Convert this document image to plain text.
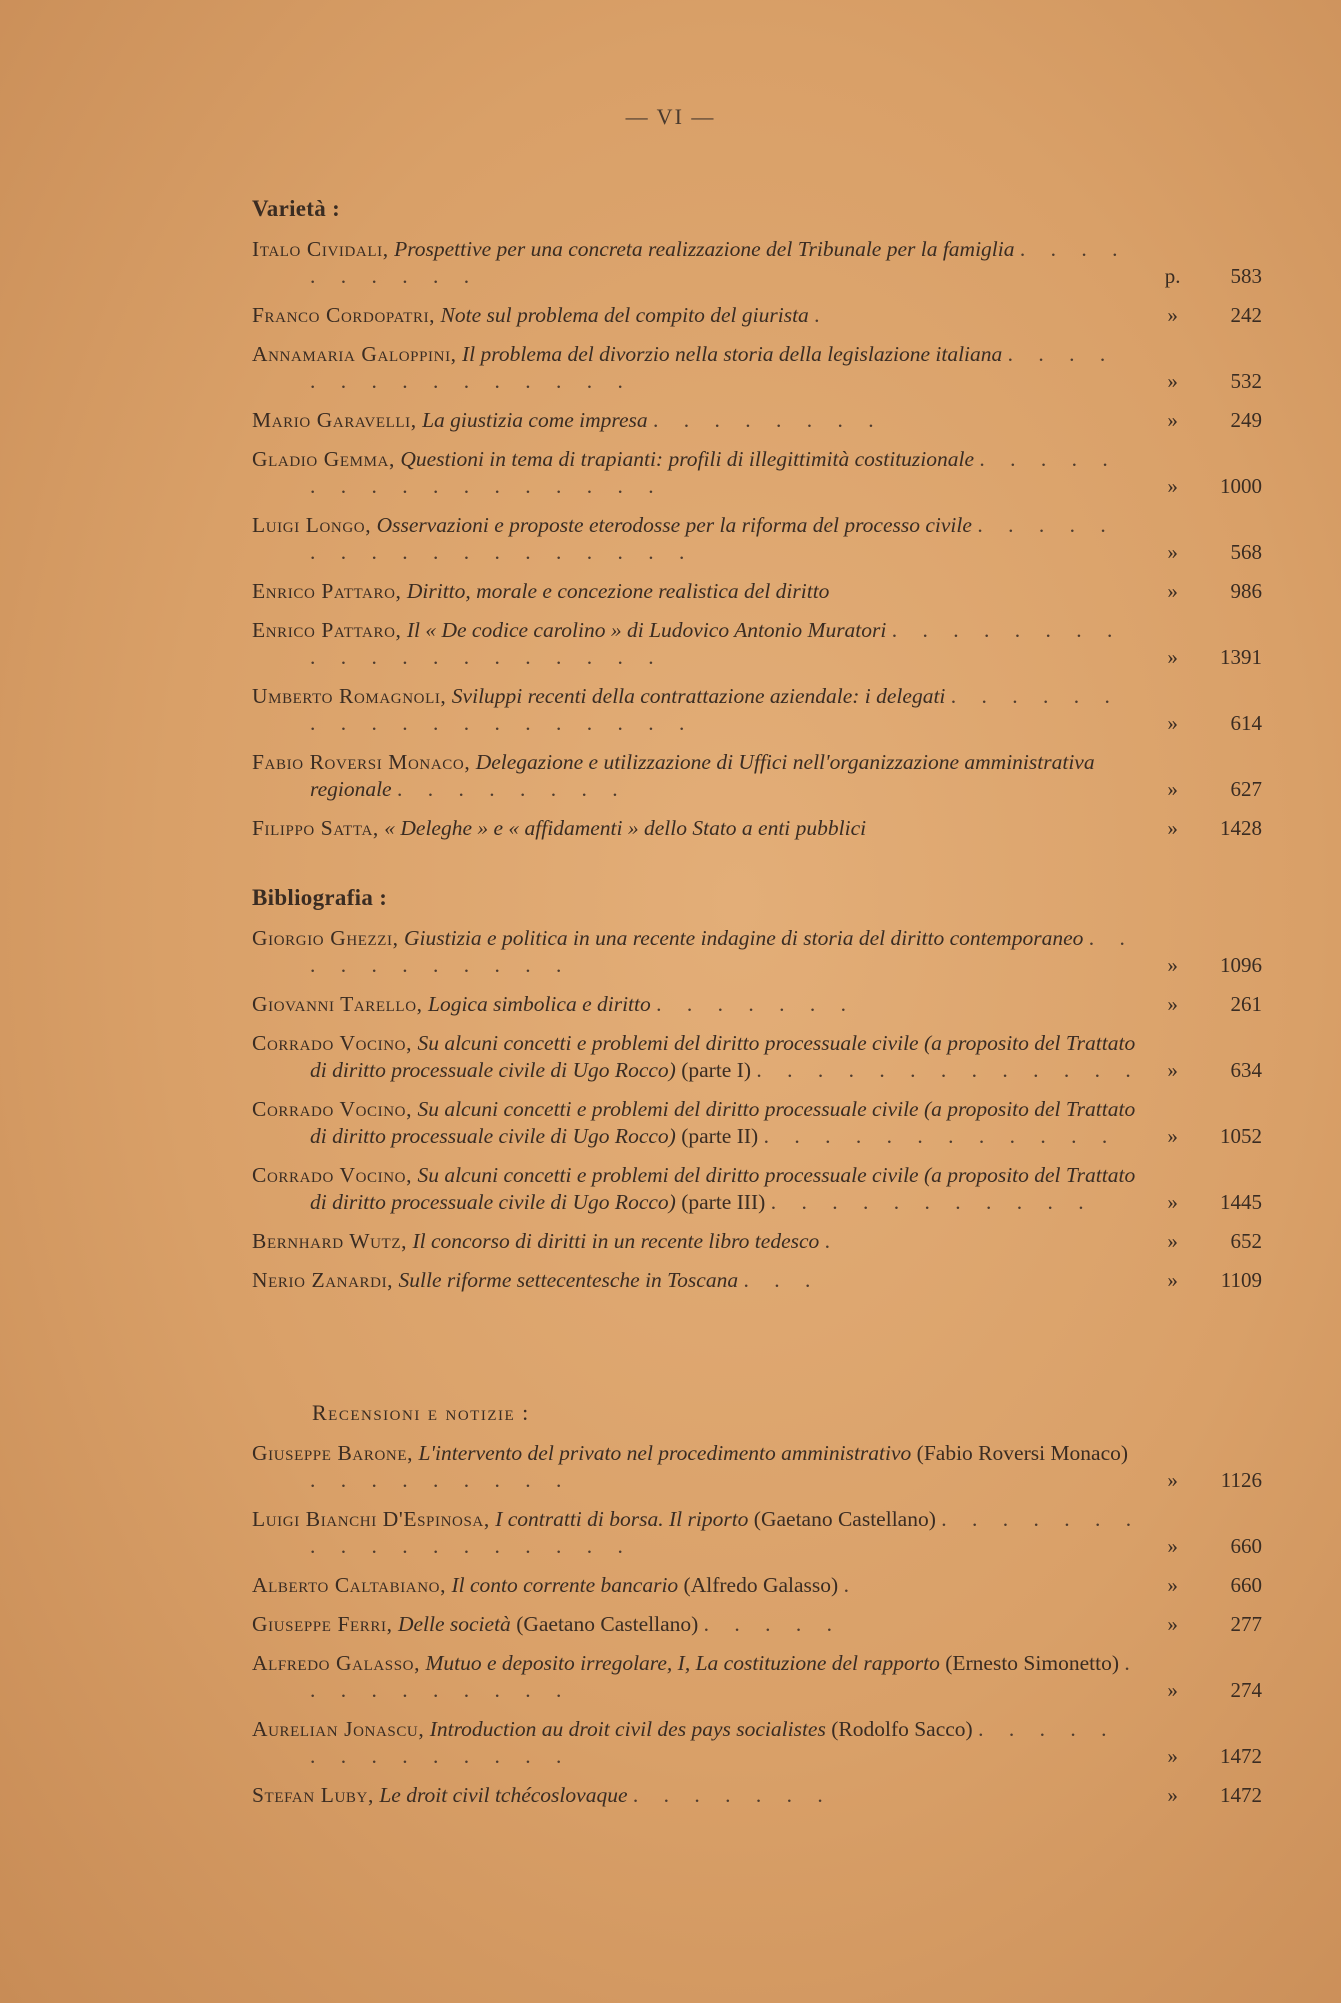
— VI —
Varietà :
Italo Cividali, Prospettive per una concreta realizzazione del Tribunale per la famiglia . . . . . . . . . .	p.	583
Franco Cordopatri, Note sul problema del compito del giurista .	»	242
Annamaria Galoppini, Il problema del divorzio nella storia della legislazione italiana . . . . . . . . . . . . . . .	»	532
Mario Garavelli, La giustizia come impresa . . . . . . . .	»	249
Gladio Gemma, Questioni in tema di trapianti: profili di illegittimità costituzionale . . . . . . . . . . . . . . . . .	»	1000
Luigi Longo, Osservazioni e proposte eterodosse per la riforma del processo civile . . . . . . . . . . . . . . . . . .	»	568
Enrico Pattaro, Diritto, morale e concezione realistica del diritto	»	986
Enrico Pattaro, Il « De codice carolino » di Ludovico Antonio Muratori . . . . . . . . . . . . . . . . . . . .	»	1391
Umberto Romagnoli, Sviluppi recenti della contrattazione aziendale: i delegati . . . . . . . . . . . . . . . . . . .	»	614
Fabio Roversi Monaco, Delegazione e utilizzazione di Uffici nell'organizzazione amministrativa regionale . . . . . . . .	»	627
Filippo Satta, « Deleghe » e « affidamenti » dello Stato a enti pubblici	»	1428
Bibliografia :
Giorgio Ghezzi, Giustizia e politica in una recente indagine di storia del diritto contemporaneo . . . . . . . . . . .	»	1096
Giovanni Tarello, Logica simbolica e diritto . . . . . . .	»	261
Corrado Vocino, Su alcuni concetti e problemi del diritto processuale civile (a proposito del Trattato di diritto processuale civile di Ugo Rocco) (parte I) . . . . . . . . . . . . .	»	634
Corrado Vocino, Su alcuni concetti e problemi del diritto processuale civile (a proposito del Trattato di diritto processuale civile di Ugo Rocco) (parte II) . . . . . . . . . . . .	»	1052
Corrado Vocino, Su alcuni concetti e problemi del diritto processuale civile (a proposito del Trattato di diritto processuale civile di Ugo Rocco) (parte III) . . . . . . . . . . .	»	1445
Bernhard Wutz, Il concorso di diritti in un recente libro tedesco .	»	652
Nerio Zanardi, Sulle riforme settecentesche in Toscana . . .	»	1109
Recensioni e notizie :
Giuseppe Barone, L'intervento del privato nel procedimento amministrativo (Fabio Roversi Monaco) . . . . . . . . .	»	1126
Luigi Bianchi D'Espinosa, I contratti di borsa. Il riporto (Gaetano Castellano) . . . . . . . . . . . . . . . . . .	»	660
Alberto Caltabiano, Il conto corrente bancario (Alfredo Galasso) .	»	660
Giuseppe Ferri, Delle società (Gaetano Castellano) . . . . .	»	277
Alfredo Galasso, Mutuo e deposito irregolare, I, La costituzione del rapporto (Ernesto Simonetto) . . . . . . . . . .	»	274
Aurelian Jonascu, Introduction au droit civil des pays socialistes (Rodolfo Sacco) . . . . . . . . . . . . . .	»	1472
Stefan Luby, Le droit civil tchécoslovaque . . . . . . .	»	1472
